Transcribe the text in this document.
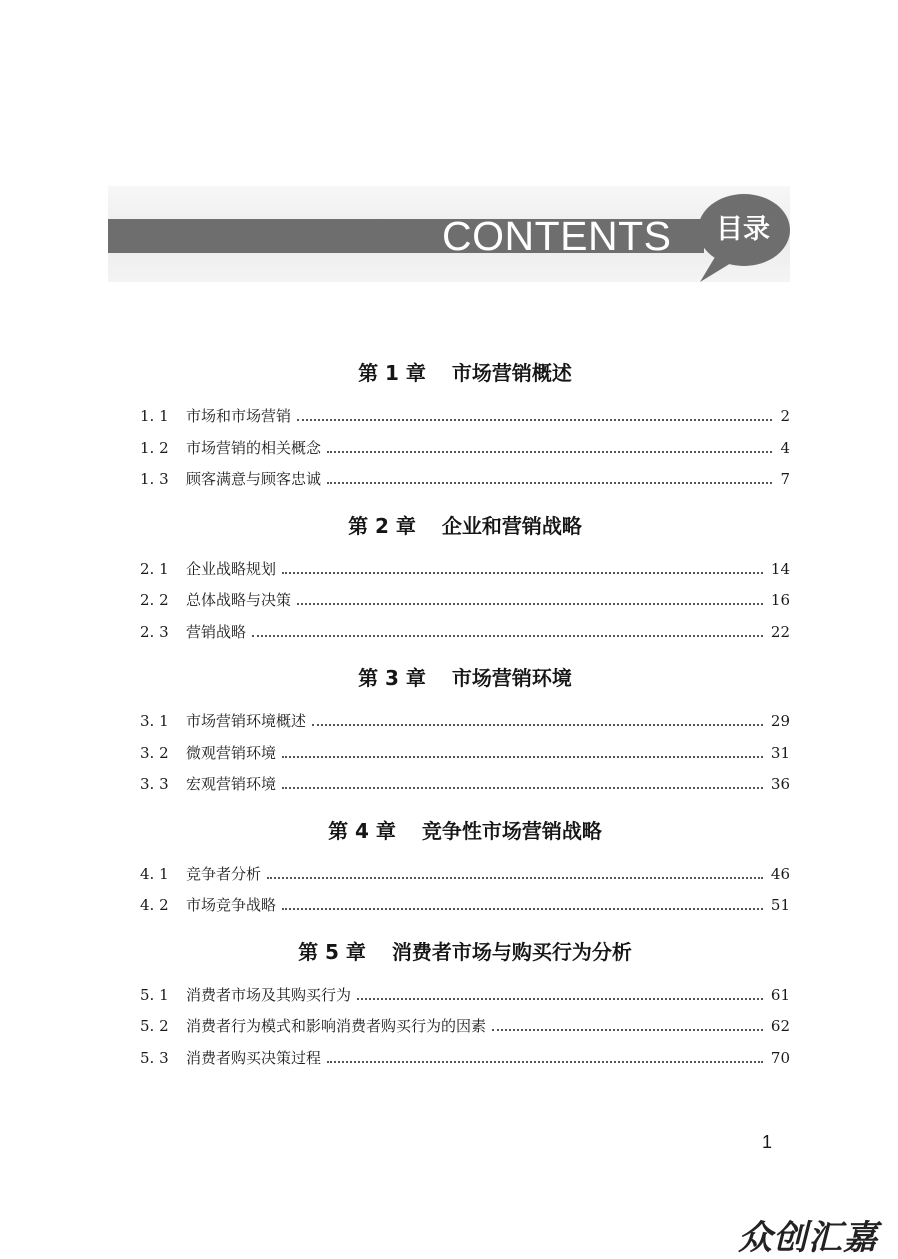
CONTENTS	目录
第 1 章 市场营销概述
1. 1	市场和市场营销	2
1. 2	市场营销的相关概念	4
1. 3	顾客满意与顾客忠诚	7
第 2 章 企业和营销战略
2. 1	企业战略规划	14
2. 2	总体战略与决策	16
2. 3	营销战略	22
第 3 章 市场营销环境
3. 1	市场营销环境概述	29
3. 2	微观营销环境	31
3. 3	宏观营销环境	36
第 4 章 竞争性市场营销战略
4. 1	竞争者分析	46
4. 2	市场竞争战略	51
第 5 章 消费者市场与购买行为分析
5. 1	消费者市场及其购买行为	61
5. 2	消费者行为模式和影响消费者购买行为的因素	62
5. 3	消费者购买决策过程	70
1
众创汇嘉
